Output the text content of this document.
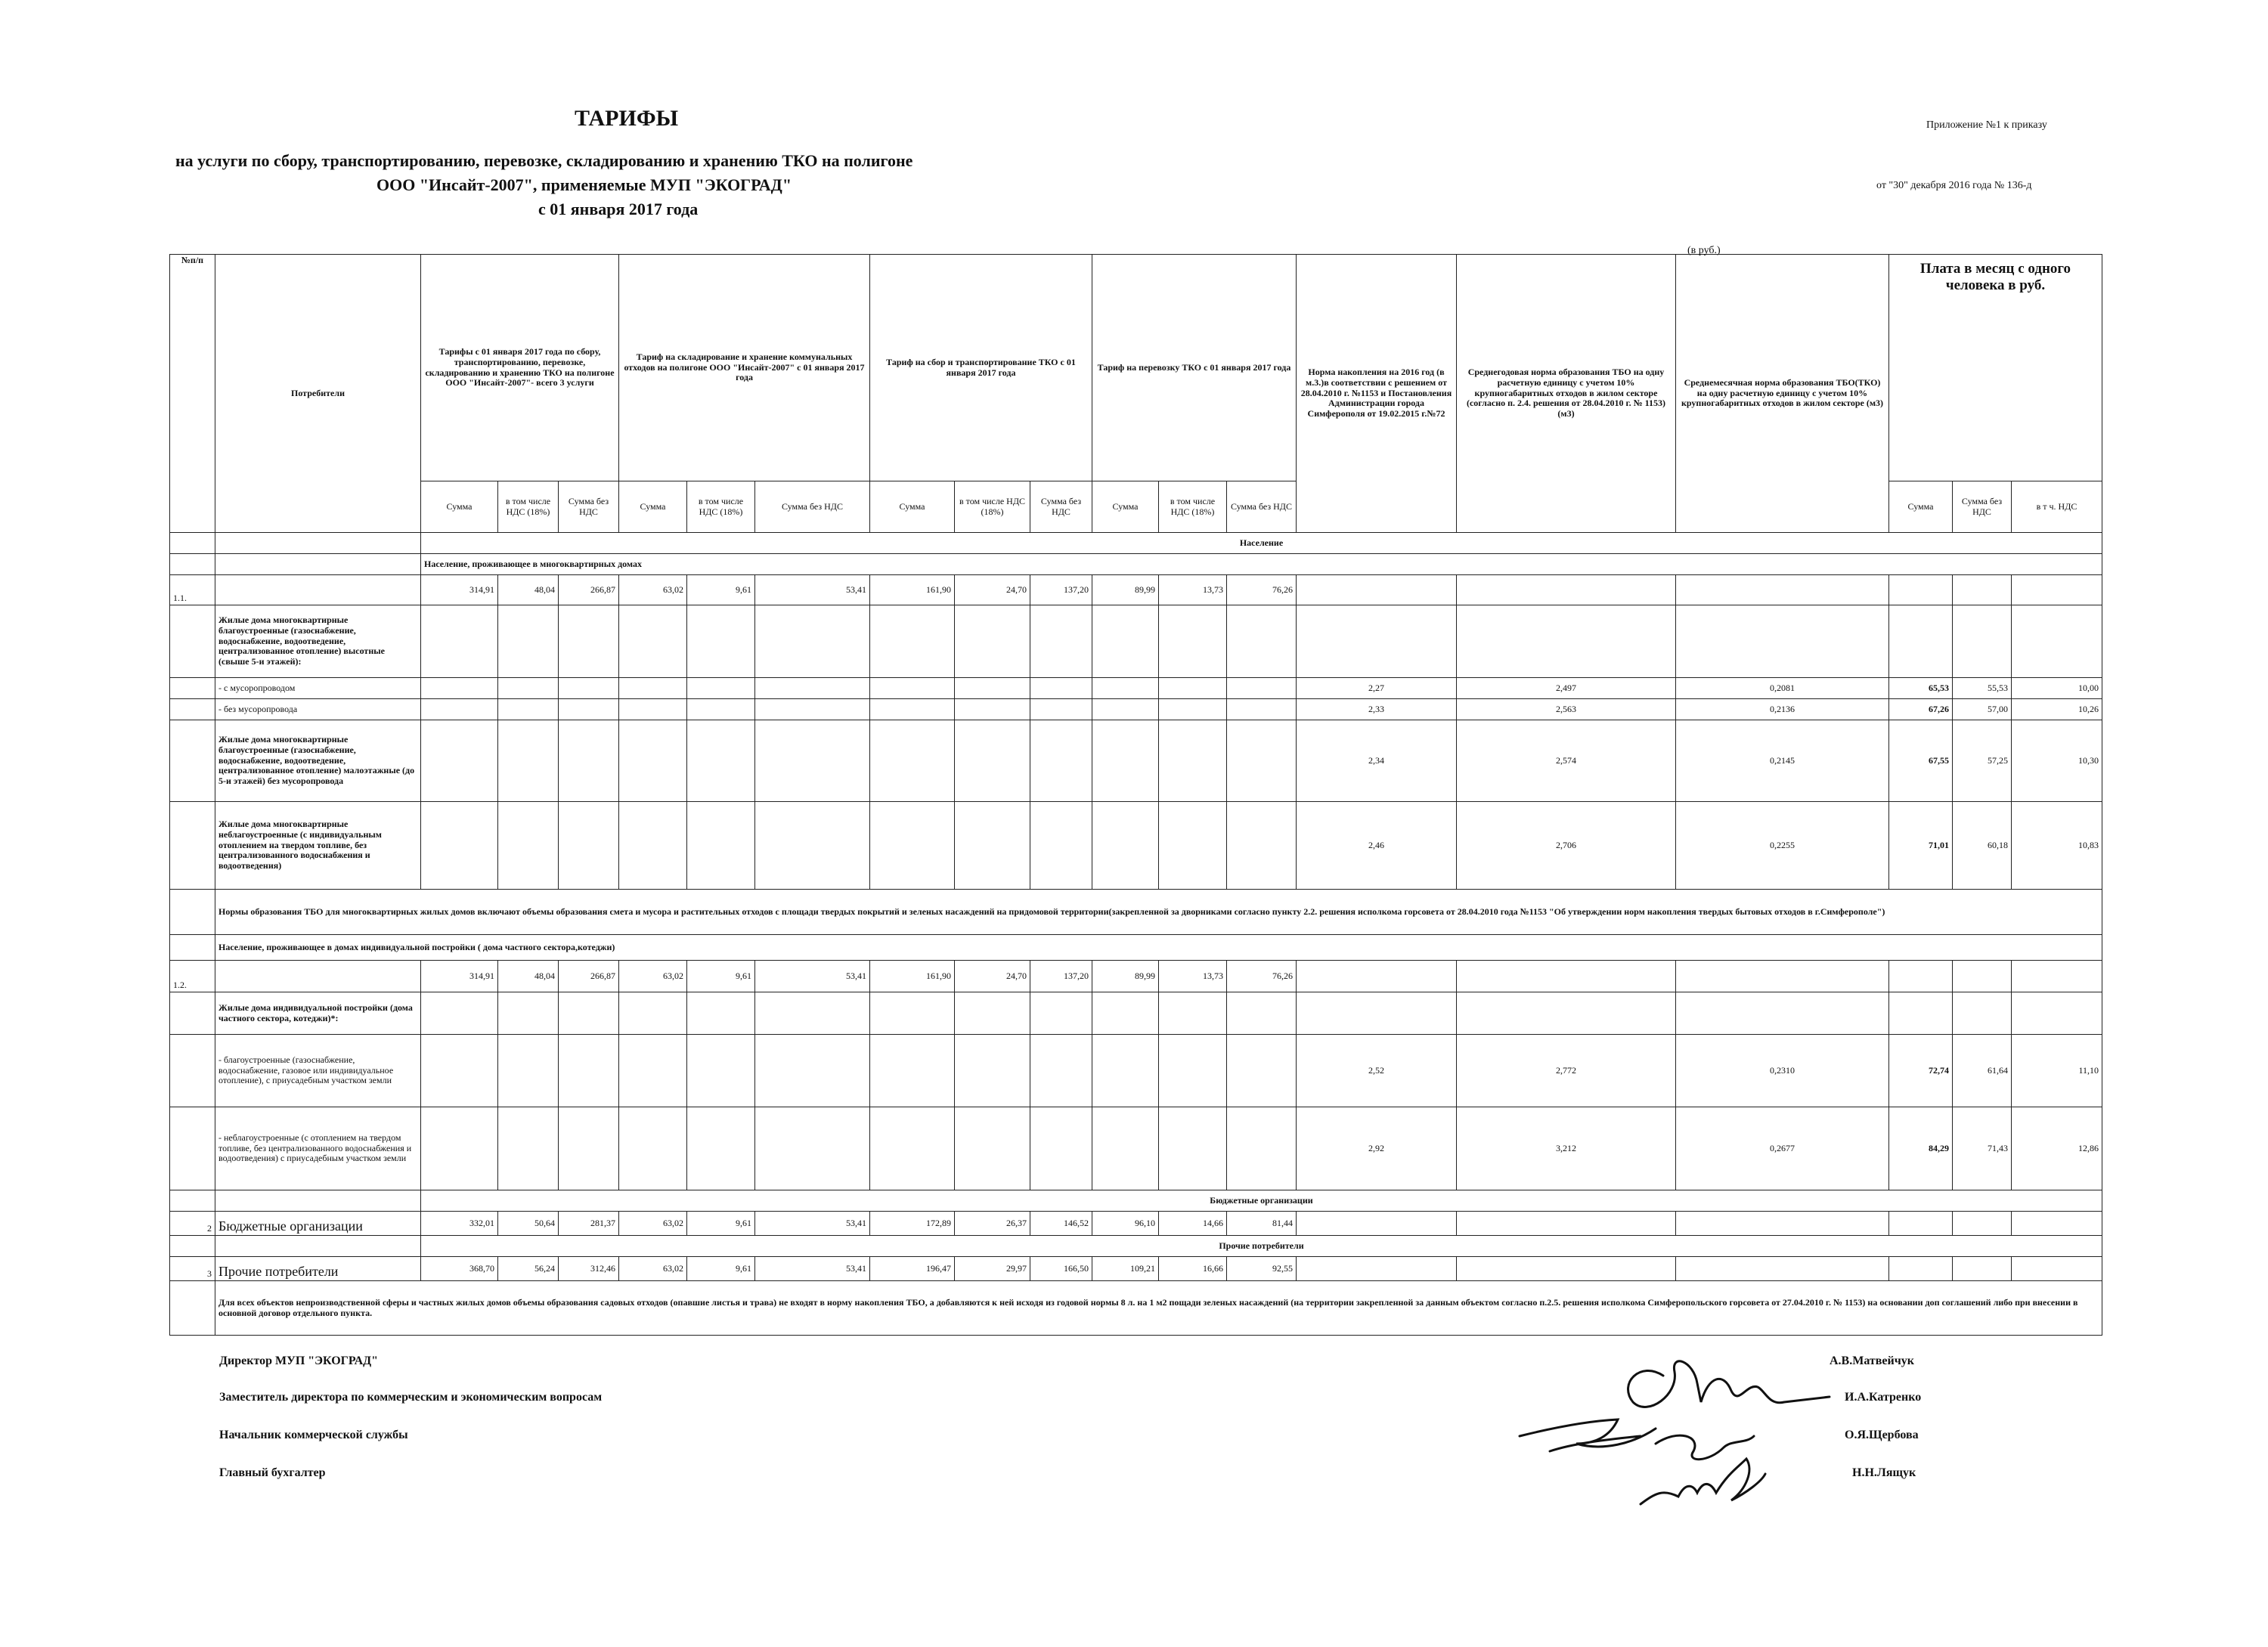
ТАРИФЫ
на услуги по сбору, транспортированию, перевозке, складированию и хранению ТКО на полигоне
ООО "Инсайт-2007", применяемые МУП "ЭКОГРАД"
с 01 января 2017 года
Приложение №1 к приказу
от "30" декабря 2016 года № 136-д
(в руб.)
№п/п	Потребители	Тарифы с 01 января 2017 года по сбору, транспортированию, перевозке, складированию и хранению ТКО на полигоне ООО "Инсайт-2007"- всего 3 услуги			Тариф на складирование и хранение коммунальных отходов на полигоне ООО "Инсайт-2007" с 01 января 2017 года			Тариф на сбор и транспортирование ТКО с 01 января 2017 года			Тариф на перевозку ТКО с 01 января 2017 года			Норма накопления на 2016 год (в м.3.)в соответствии с решением от 28.04.2010 г. №1153 и Постановления Администрации города Симферополя от 19.02.2015 г.№72	Среднегодовая норма образования ТБО на одну расчетную единицу с учетом 10% крупногабаритных отходов в жилом секторе (согласно п. 2.4. решения от 28.04.2010 г. № 1153) (м3)	Среднемесячная норма образования ТБО(ТКО) на одну расчетную единицу с учетом 10% крупногабаритных отходов в жилом секторе (м3)	Плата в месяц с одного человека в руб.		
		Сумма	в том числе НДС (18%)	Сумма без НДС	Сумма	в том числе НДС (18%)	Сумма без НДС	Сумма	в том числе НДС (18%)	Сумма без НДС	Сумма	в том числе НДС (18%)	Сумма без НДС				Сумма	Сумма без НДС	в т ч. НДС
		Население																	
		Население, проживающее в многоквартирных домах																	
1.1.		314,91	48,04	266,87	63,02	9,61	53,41	161,90	24,70	137,20	89,99	13,73	76,26						
	Жилые дома многоквартирные благоустроенные (газоснабжение, водоснабжение, водоотведение, централизованное отопление) высотные (свыше 5-и этажей):																		
	- с мусоропроводом													2,27	2,497	0,2081	65,53	55,53	10,00
	- без мусоропровода													2,33	2,563	0,2136	67,26	57,00	10,26
	Жилые дома многоквартирные благоустроенные (газоснабжение, водоснабжение, водоотведение, централизованное отопление) малоэтажные (до 5-и этажей) без мусоропровода													2,34	2,574	0,2145	67,55	57,25	10,30
	Жилые дома многоквартирные неблагоустроенные (с индивидуальным отоплением на твердом топливе, без централизованного водоснабжения и водоотведения)													2,46	2,706	0,2255	71,01	60,18	10,83
	Нормы образования ТБО для многоквартирных жилых домов включают объемы образования смета и мусора и растительных отходов с площади твердых покрытий и зеленых насаждений на придомовой территории(закрепленной за дворниками согласно пункту 2.2. решения исполкома горсовета от 28.04.2010 года №1153 "Об утверждении норм накопления твердых бытовых отходов в г.Симферополе")																		
	Население, проживающее в домах индивидуальной постройки ( дома частного сектора,котеджи)																		
1.2.		314,91	48,04	266,87	63,02	9,61	53,41	161,90	24,70	137,20	89,99	13,73	76,26						
	Жилые дома индивидуальной постройки (дома частного сектора, котеджи)*:																		
	- благоустроенные (газоснабжение, водоснабжение, газовое или индивидуальное отопление), с приусадебным участком земли													2,52	2,772	0,2310	72,74	61,64	11,10
	- неблагоустроенные (с отоплением на твердом топливе, без централизованного водоснабжения и водоотведения) с приусадебным участком земли													2,92	3,212	0,2677	84,29	71,43	12,86
		Бюджетные организации																	
2	Бюджетные организации	332,01	50,64	281,37	63,02	9,61	53,41	172,89	26,37	146,52	96,10	14,66	81,44						
		Прочие потребители																	
3	Прочие потребители	368,70	56,24	312,46	63,02	9,61	53,41	196,47	29,97	166,50	109,21	16,66	92,55						
	Для всех объектов непроизводственной сферы и частных жилых домов объемы образования садовых отходов (опавшие листья и трава) не входят в норму накопления ТБО, а добавляются к ней исходя из годовой нормы 8 л. на 1 м2 пощади зеленых насаждений (на территории закрепленной за данным объектом согласно п.2.5. решения исполкома Симферопольского горсовета от 27.04.2010 г. № 1153) на основании доп соглашений либо при внесении в основной договор отдельного пункта.																		
Директор МУП "ЭКОГРАД"
Заместитель директора по коммерческим и экономическим вопросам
Начальник коммерческой службы
Главный бухгалтер
А.В.Матвейчук
И.А.Катренко
О.Я.Щербова
Н.Н.Лящук
